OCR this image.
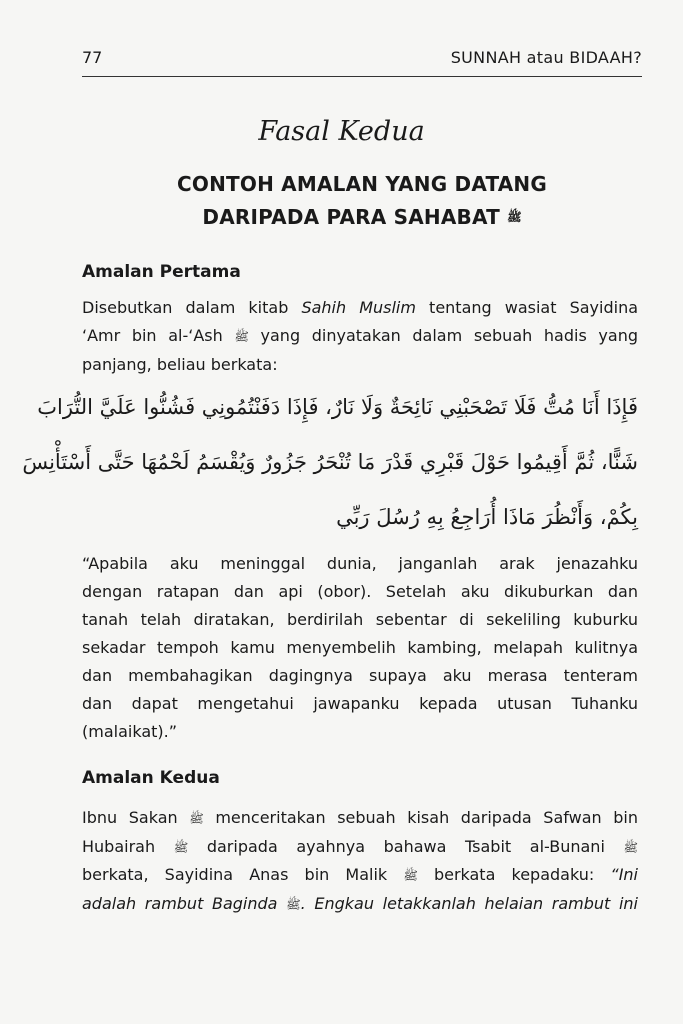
77	SUNNAH atau BIDAAH?
Fasal Kedua
CONTOH AMALAN YANG DATANG
DARIPADA PARA SAHABAT ﷺ
Amalan Pertama
Disebutkan dalam kitab Sahih Muslim tentang wasiat Sayidina
‘Amr bin al-‘Ash ﷺ yang dinyatakan dalam sebuah hadis yang
panjang, beliau berkata:
فَإِذَا أَنَا مُتُّ فَلَا تَصْحَبْنِي نَائِحَةٌ وَلَا نَارٌ، فَإِذَا دَفَنْتُمُونِي فَشُنُّوا عَلَيَّ التُّرَابَ
شَنًّا، ثُمَّ أَقِيمُوا حَوْلَ قَبْرِي قَدْرَ مَا تُنْحَرُ جَزُورٌ وَيُقْسَمُ لَحْمُهَا حَتَّى أَسْتَأْنِسَ
بِكُمْ، وَأَنْظُرَ مَاذَا أُرَاجِعُ بِهِ رُسُلَ رَبِّي
“Apabila aku meninggal dunia, janganlah arak jenazahku
dengan ratapan dan api (obor). Setelah aku dikuburkan dan
tanah telah diratakan, berdirilah sebentar di sekeliling kuburku
sekadar tempoh kamu menyembelih kambing, melapah kulitnya
dan membahagikan dagingnya supaya aku merasa tenteram
dan dapat mengetahui jawapanku kepada utusan Tuhanku
(malaikat).”
Amalan Kedua
Ibnu Sakan ﷺ menceritakan sebuah kisah daripada Safwan bin
Hubairah ﷺ daripada ayahnya bahawa Tsabit al-Bunani ﷺ
berkata, Sayidina Anas bin Malik ﷺ berkata kepadaku: “Ini
adalah rambut Baginda ﷺ. Engkau letakkanlah helaian rambut ini
